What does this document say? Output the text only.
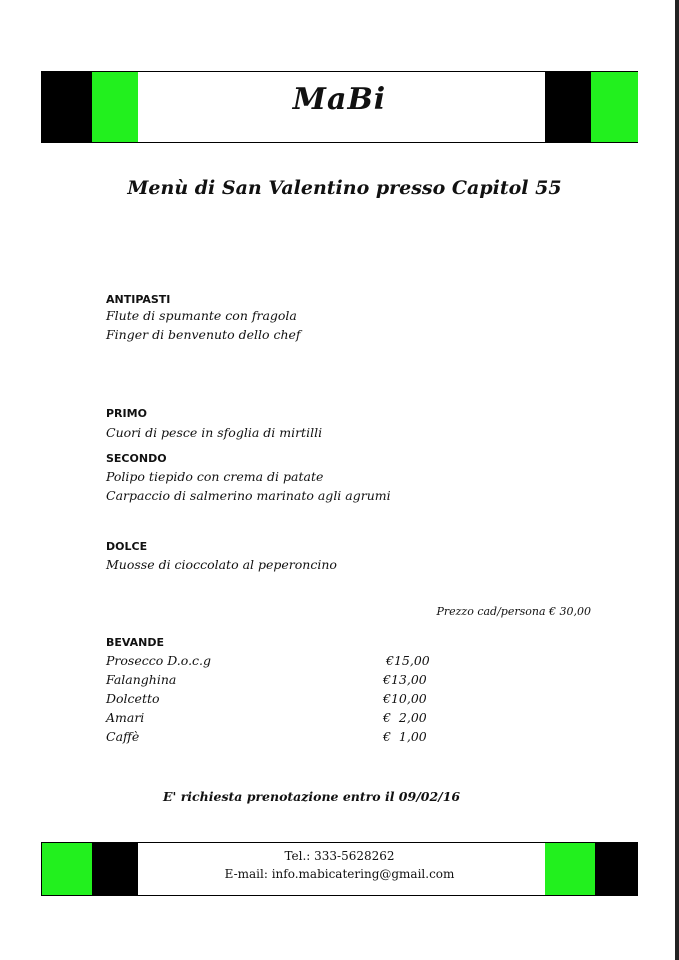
MaBi
Menù di San Valentino presso Capitol 55
ANTIPASTI
Flute di spumante con fragola
Finger di benvenuto dello chef
PRIMO
Cuori di pesce in sfoglia di mirtilli
SECONDO
Polipo tiepido con crema di patate
Carpaccio di salmerino marinato agli agrumi
DOLCE
Muosse di cioccolato al peperoncino
Prezzo cad/persona € 30,00
BEVANDE
Prosecco D.o.c.g	€15,00
Falanghina	€13,00
Dolcetto	€10,00
Amari	€  2,00
Caffè	€  1,00
E' richiesta prenotazione entro il 09/02/16
Tel.: 333-5628262
E-mail: info.mabicatering@gmail.com
